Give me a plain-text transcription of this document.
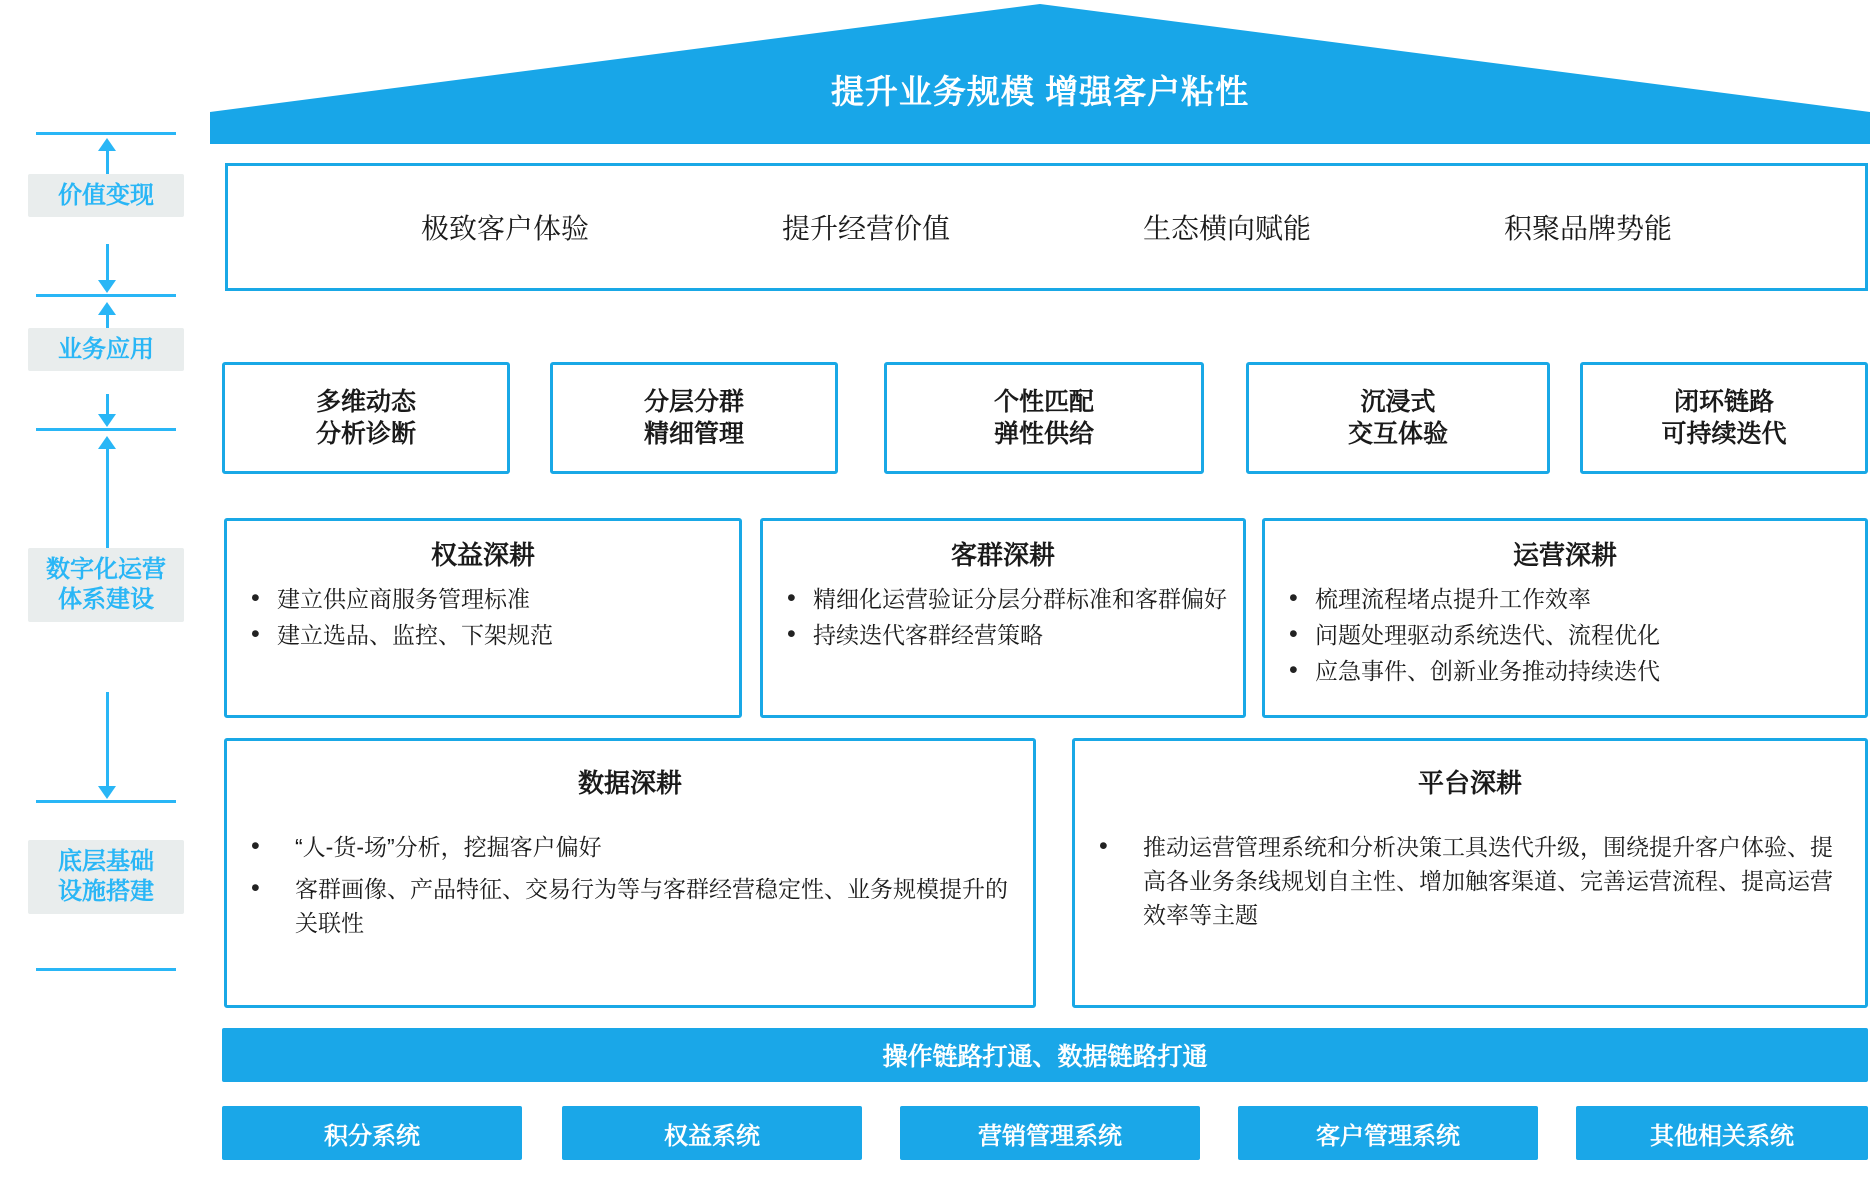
提升业务规模 增强客户粘性
价值变现
业务应用
数字化运营
体系建设
底层基础
设施搭建
极致客户体验	提升经营价值	生态横向赋能	积聚品牌势能
多维动态
分析诊断
分层分群
精细管理
个性匹配
弹性供给
沉浸式
交互体验
闭环链路
可持续迭代
权益深耕
• 建立供应商服务管理标准
• 建立选品、监控、下架规范
客群深耕
• 精细化运营验证分层分群标准和客群偏好
• 持续迭代客群经营策略
运营深耕
• 梳理流程堵点提升工作效率
• 问题处理驱动系统迭代、流程优化
• 应急事件、创新业务推动持续迭代
数据深耕
• “人-货-场”分析，挖掘客户偏好
• 客群画像、产品特征、交易行为等与客群经营稳定性、业务规模提升的关联性
平台深耕
• 推动运营管理系统和分析决策工具迭代升级，围绕提升客户体验、提高各业务条线规划自主性、增加触客渠道、完善运营流程、提高运营效率等主题
操作链路打通、数据链路打通
积分系统	权益系统	营销管理系统	客户管理系统	其他相关系统
